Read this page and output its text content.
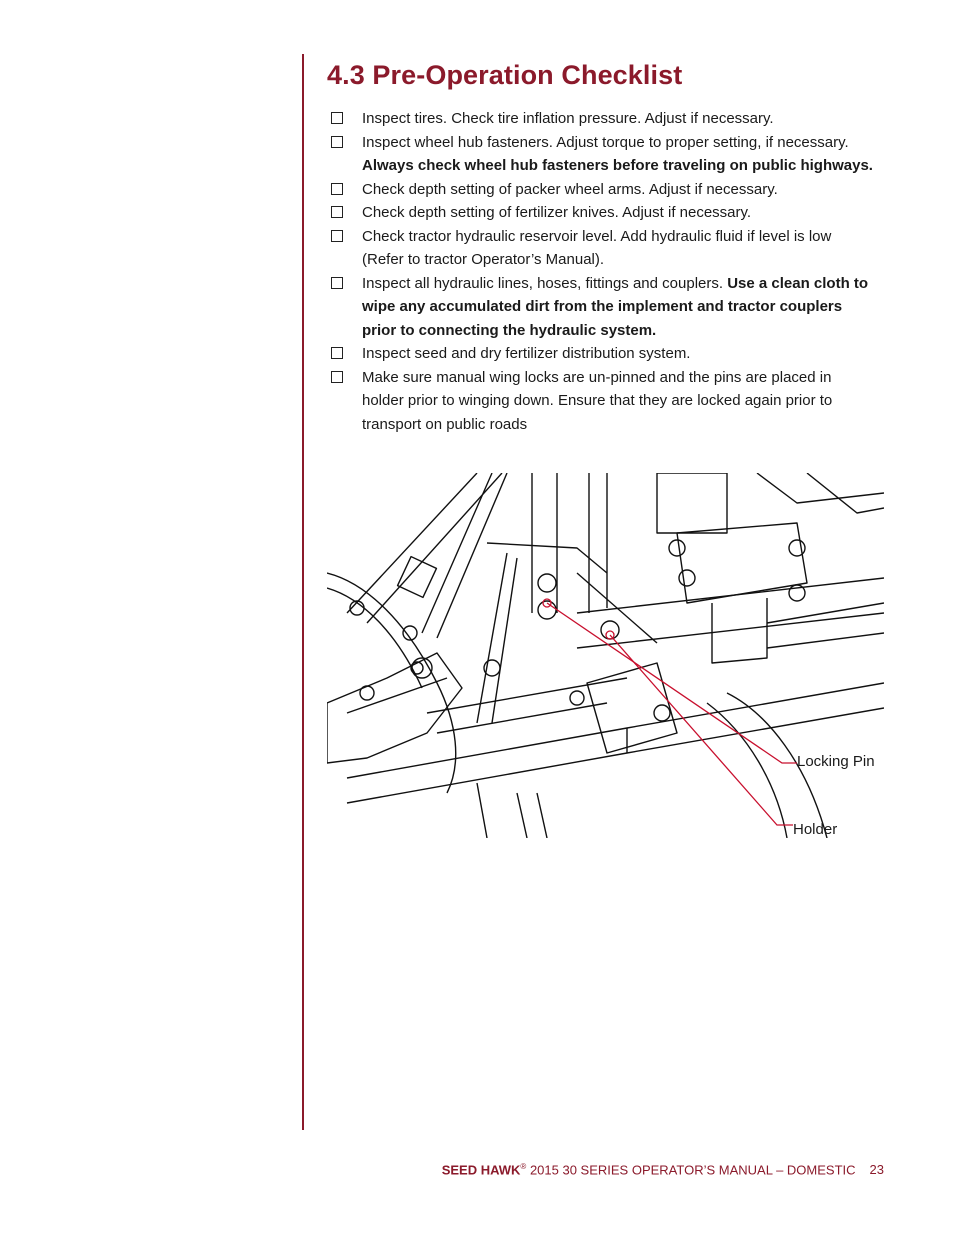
4.3 Pre-Operation Checklist
Inspect tires. Check tire inflation pressure. Adjust if necessary.
Inspect wheel hub fasteners. Adjust torque to proper setting, if necessary. Always check wheel hub fasteners before traveling on public highways.
Check depth setting of packer wheel arms. Adjust if necessary.
Check depth setting of fertilizer knives. Adjust if necessary.
Check tractor hydraulic reservoir level. Add hydraulic fluid if level is low (Refer to tractor Operator’s Manual).
Inspect all hydraulic lines, hoses, fittings and couplers. Use a clean cloth to wipe any accumulated dirt from the implement and tractor couplers prior to connecting the hydraulic system.
Inspect seed and dry fertilizer distribution system.
Make sure manual wing locks are un-pinned and the pins are placed in holder prior to winging down. Ensure that they are locked again prior to transport on public roads
Locking Pin
Holder
SEED HAWK® 2015 30 SERIES OPERATOR’S MANUAL – DOMESTIC 23
